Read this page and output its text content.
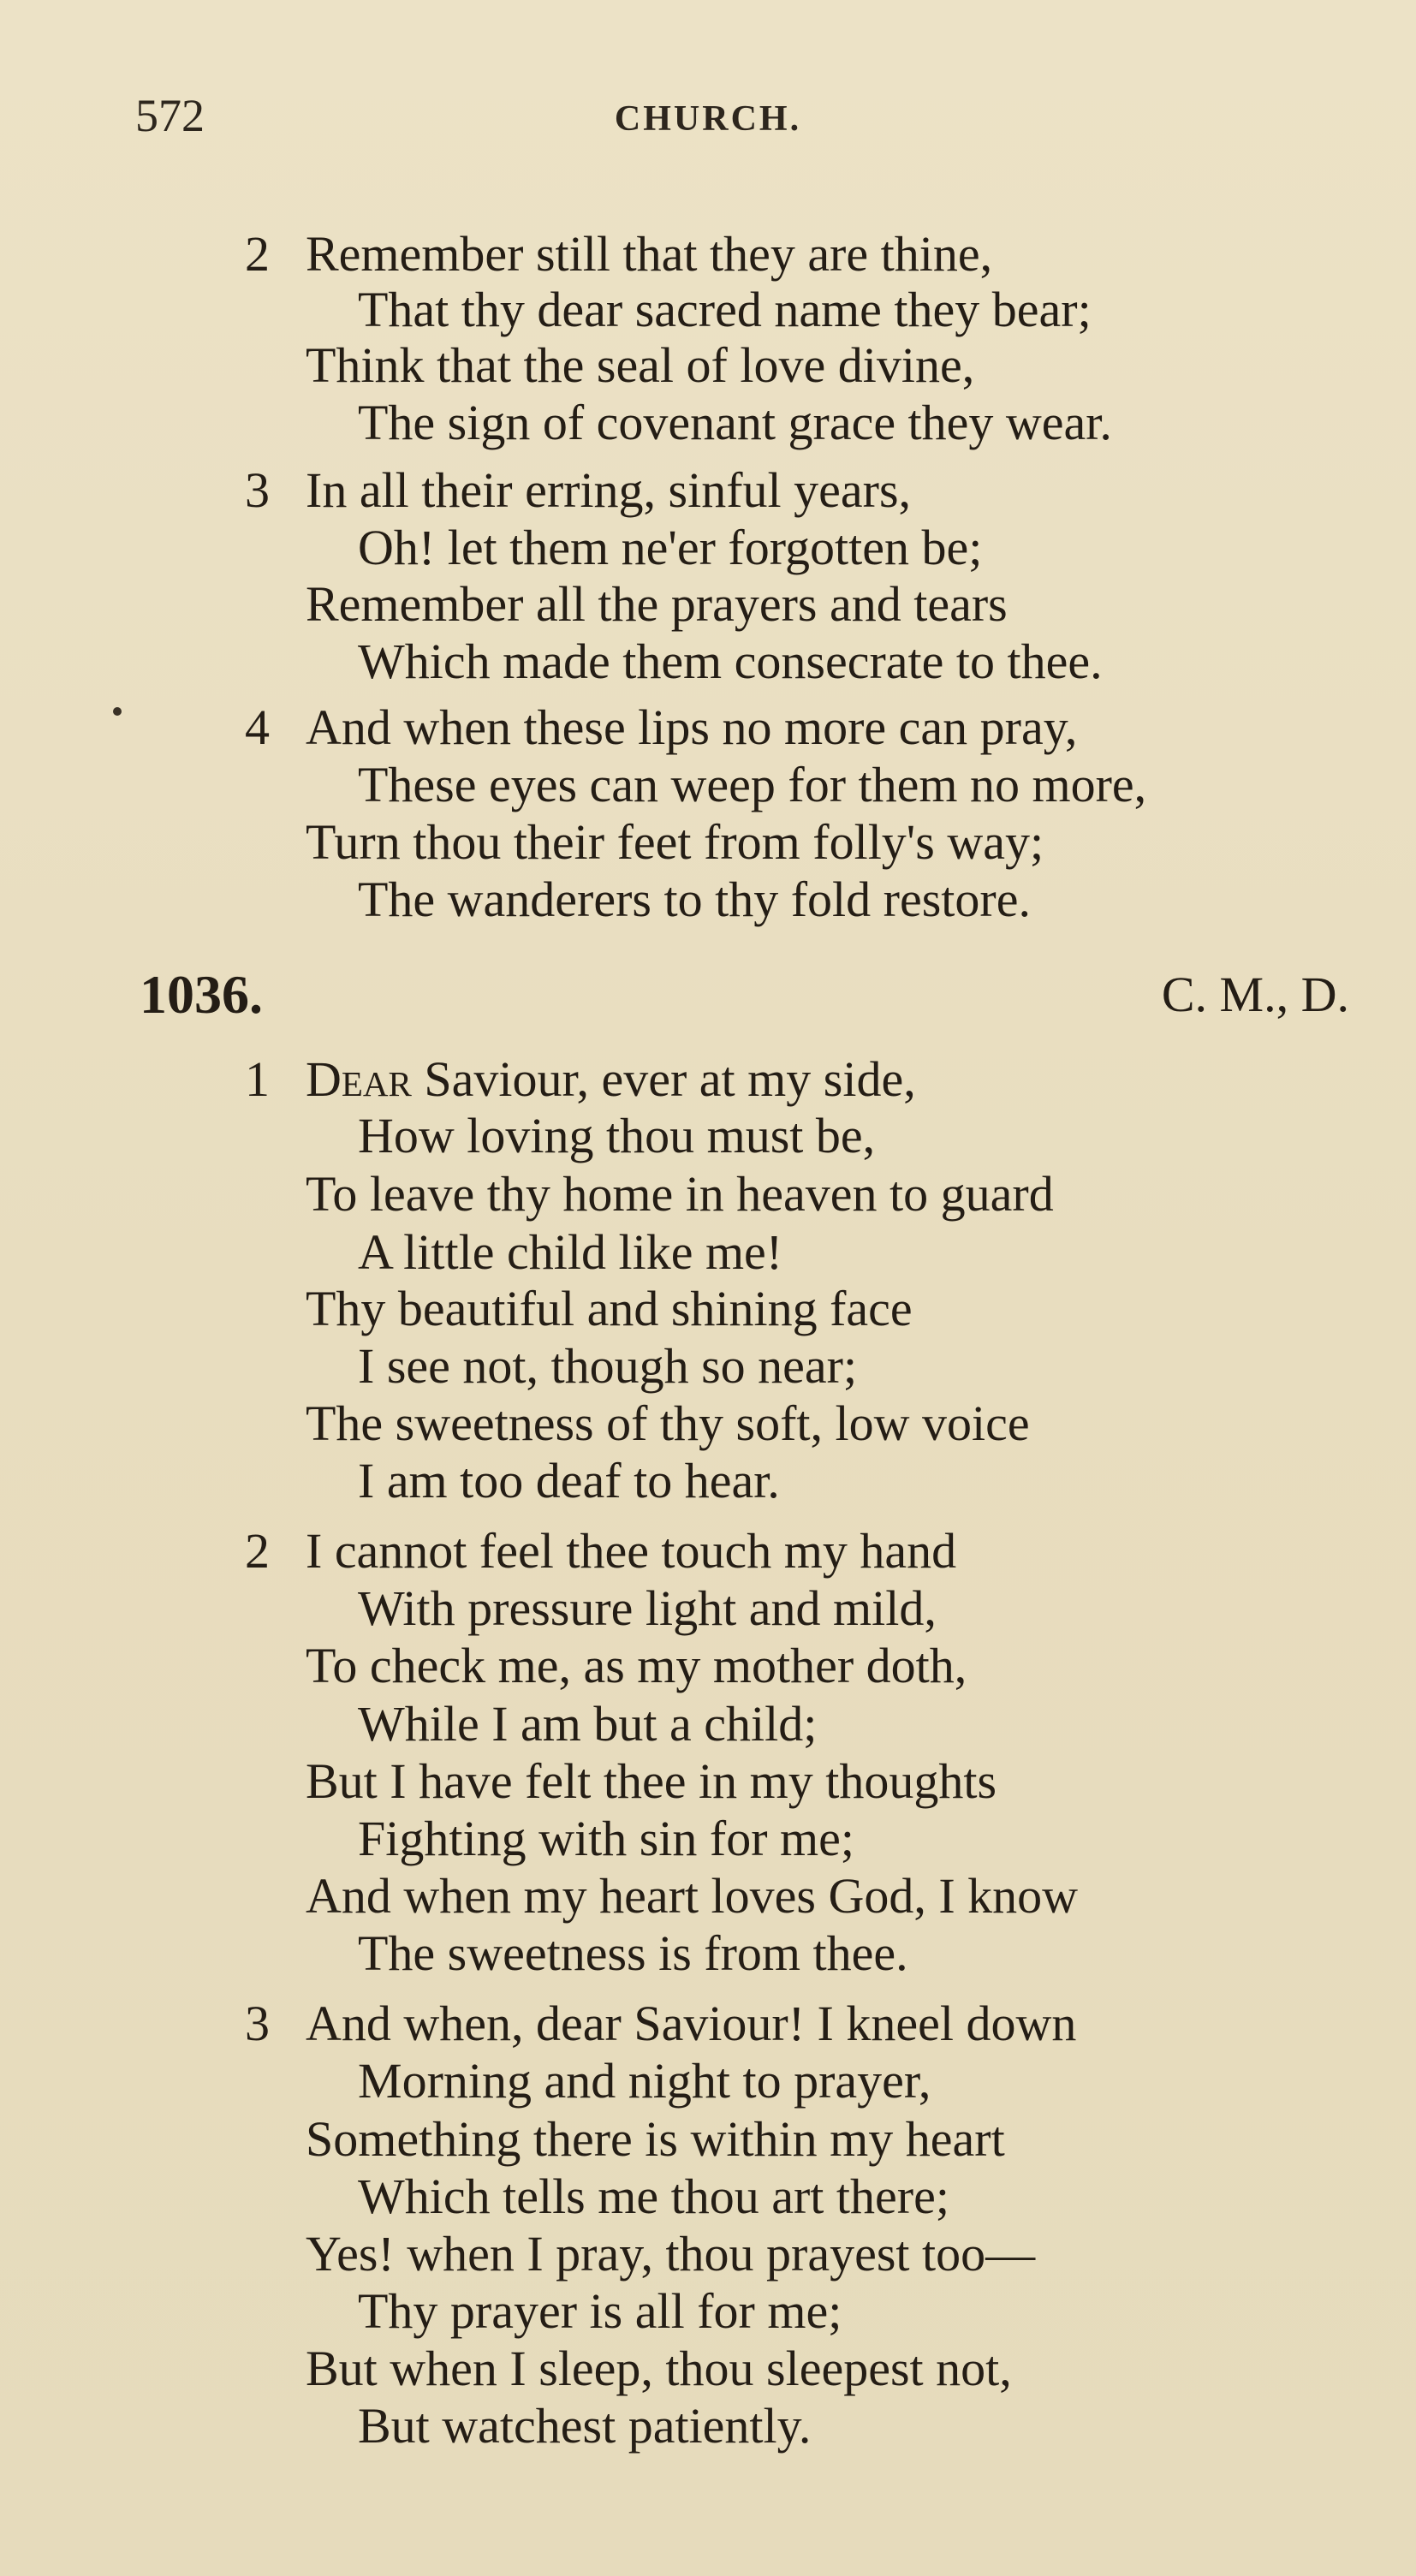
572	CHURCH.
2 Remember still that they are thine,
That thy dear sacred name they bear;
Think that the seal of love divine,
The sign of covenant grace they wear.
3 In all their erring, sinful years,
Oh! let them ne'er forgotten be;
Remember all the prayers and tears
Which made them consecrate to thee.
4 And when these lips no more can pray,
These eyes can weep for them no more,
Turn thou their feet from folly's way;
The wanderers to thy fold restore.
1036.	C. M., D.
1 Dear Saviour, ever at my side,
How loving thou must be,
To leave thy home in heaven to guard
A little child like me!
Thy beautiful and shining face
I see not, though so near;
The sweetness of thy soft, low voice
I am too deaf to hear.
2 I cannot feel thee touch my hand
With pressure light and mild,
To check me, as my mother doth,
While I am but a child;
But I have felt thee in my thoughts
Fighting with sin for me;
And when my heart loves God, I know
The sweetness is from thee.
3 And when, dear Saviour! I kneel down
Morning and night to prayer,
Something there is within my heart
Which tells me thou art there;
Yes! when I pray, thou prayest too—
Thy prayer is all for me;
But when I sleep, thou sleepest not,
But watchest patiently.
